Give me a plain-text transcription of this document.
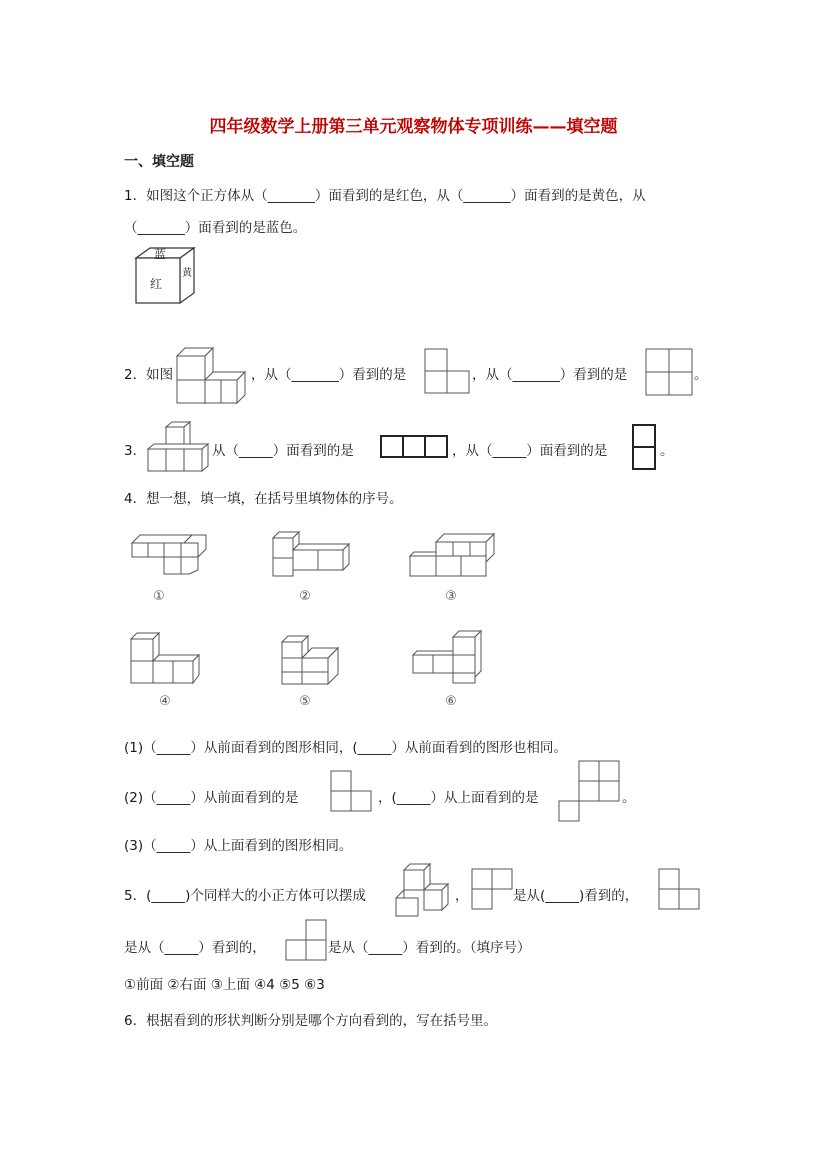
四年级数学上册第三单元观察物体专项训练——填空题
一、填空题
1．如图这个正方体从（_______）面看到的是红色，从（_______）面看到的是黄色，从
（_______）面看到的是蓝色。
蓝
红
黄
2．如图	，从（_______）看到的是	，从（_______）看到的是	。
3．	从（_____）面看到的是	，从（_____）面看到的是	。
4．想一想，填一填，在括号里填物体的序号。
①	②	③
④	⑤	⑥
(1)（_____）从前面看到的图形相同，(_____）从前面看到的图形也相同。
(2)（_____）从前面看到的是	，(_____）从上面看到的是	。
(3)（_____）从上面看到的图形相同。
5．(_____)个同样大的小正方体可以摆成	，	是从(_____)看到的，
是从（_____）看到的，	是从（_____）看到的。（填序号）
①前面 ②右面 ③上面 ④4 ⑤5 ⑥3
6．根据看到的形状判断分别是哪个方向看到的，写在括号里。
